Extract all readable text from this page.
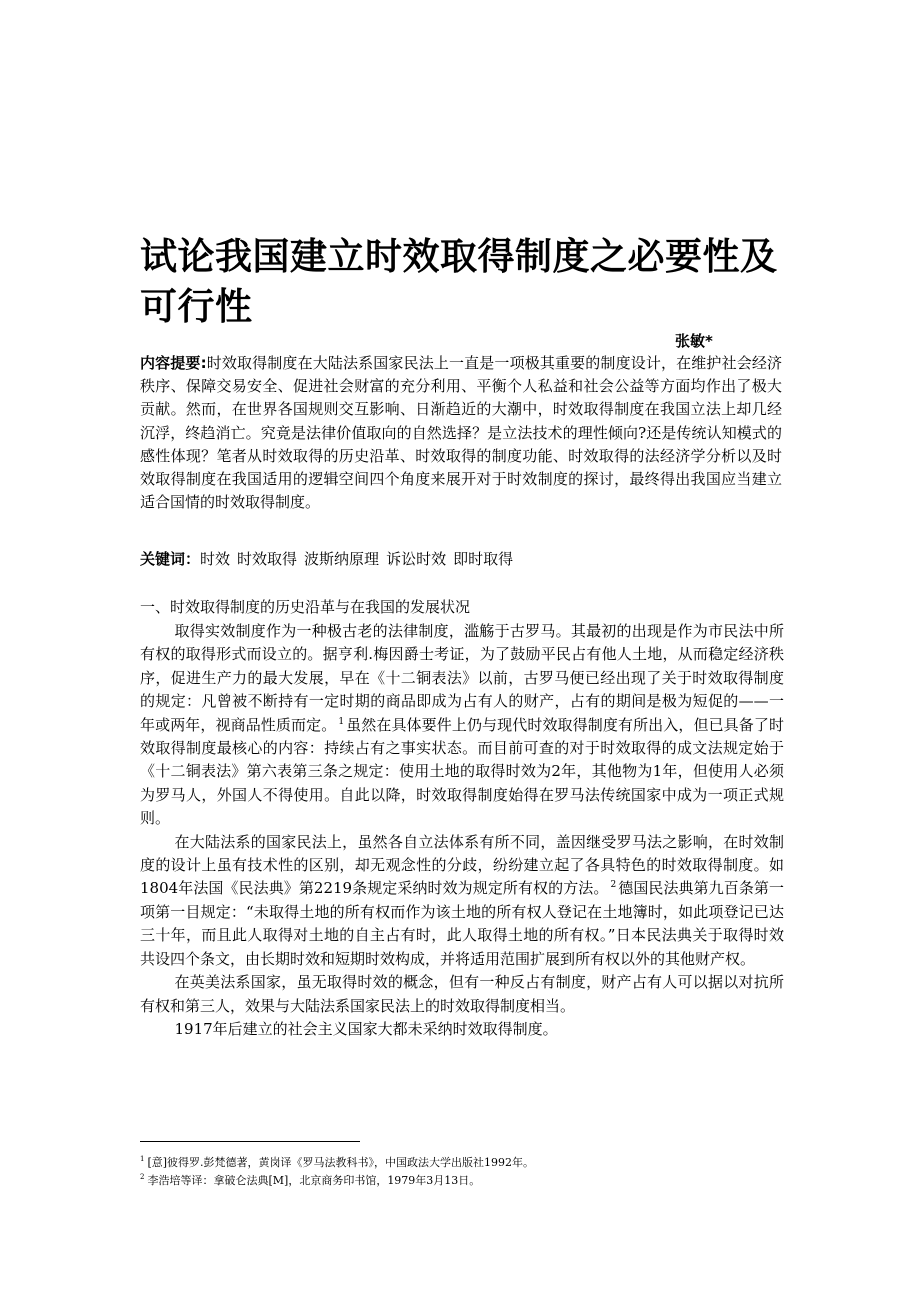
试论我国建立时效取得制度之必要性及可行性
张敏*

内容提要:时效取得制度在大陆法系国家民法上一直是一项极其重要的制度设计，在维护社会经济秩序、保障交易安全、促进社会财富的充分利用、平衡个人私益和社会公益等方面均作出了极大贡献。然而，在世界各国规则交互影响、日渐趋近的大潮中，时效取得制度在我国立法上却几经沉浮，终趋消亡。究竟是法律价值取向的自然选择？是立法技术的理性倾向?还是传统认知模式的感性体现？笔者从时效取得的历史沿革、时效取得的制度功能、时效取得的法经济学分析以及时效取得制度在我国适用的逻辑空间四个角度来展开对于时效制度的探讨，最终得出我国应当建立适合国情的时效取得制度。

关键词：时效 时效取得 波斯纳原理 诉讼时效 即时取得
一、时效取得制度的历史沿革与在我国的发展状况

取得实效制度作为一种极古老的法律制度，滥觞于古罗马。其最初的出现是作为市民法中所有权的取得形式而设立的。据亨利.梅因爵士考证，为了鼓励平民占有他人土地，从而稳定经济秩序，促进生产力的最大发展，早在《十二铜表法》以前，古罗马便已经出现了关于时效取得制度的规定：凡曾被不断持有一定时期的商品即成为占有人的财产，占有的期间是极为短促的——一年或两年，视商品性质而定。 $^1$ 虽然在具体要件上仍与现代时效取得制度有所出入，但已具备了时效取得制度最核心的内容：持续占有之事实状态。而目前可查的对于时效取得的成文法规定始于《十二铜表法》第六表第三条之规定：使用土地的取得时效为2年，其他物为1年，但使用人必须为罗马人，外国人不得使用。自此以降，时效取得制度始得在罗马法传统国家中成为一项正式规则。

在大陆法系的国家民法上，虽然各自立法体系有所不同，盖因继受罗马法之影响，在时效制度的设计上虽有技术性的区别，却无观念性的分歧，纷纷建立起了各具特色的时效取得制度。如1804年法国《民法典》第2219条规定采纳时效为规定所有权的方法。 $^2$ 德国民法典第九百条第一项第一目规定：“未取得土地的所有权而作为该土地的所有权人登记在土地簿时，如此项登记已达三十年，而且此人取得对土地的自主占有时，此人取得土地的所有权。”日本民法典关于取得时效共设四个条文，由长期时效和短期时效构成，并将适用范围扩展到所有权以外的其他财产权。

在英美法系国家，虽无取得时效的概念，但有一种反占有制度，财产占有人可以据以对抗所有权和第三人，效果与大陆法系国家民法上的时效取得制度相当。

1917年后建立的社会主义国家大都未采纳时效取得制度。

$^1$ [意]彼得罗.彭梵德著，黄岗译《罗马法教科书》，中国政法大学出版社1992年。
$^2$ 李浩培等译：拿破仑法典[M]，北京商务印书馆，1979年3月13日。
